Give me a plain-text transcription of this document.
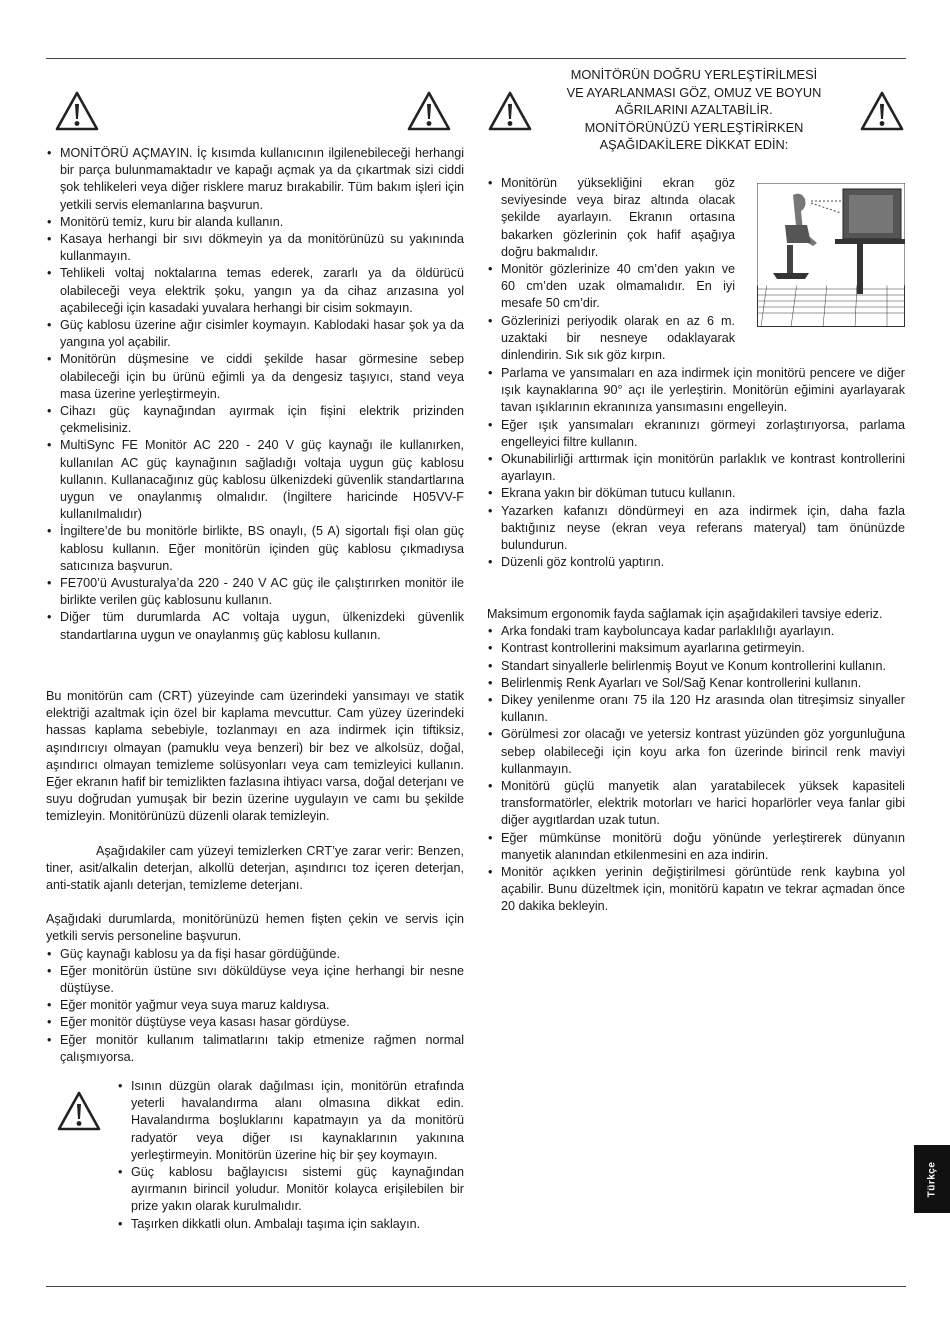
MONİTÖRÜN DOĞRU YERLEŞTİRİLMESİ
VE AYARLANMASI GÖZ, OMUZ VE BOYUN
AĞRILARINI AZALTABİLİR.
MONİTÖRÜNÜZÜ YERLEŞTİRİRKEN
AŞAĞIDAKİLERE DİKKAT EDİN:
• MONİTÖRÜ AÇMAYIN. İç kısımda kullanıcının ilgilenebileceği herhangi bir parça bulunmamaktadır ve kapağı açmak ya da çıkartmak sizi ciddi şok tehlikeleri veya diğer risklere maruz bırakabilir. Tüm bakım işleri için yetkili servis elemanlarına başvurun.
• Monitörü temiz, kuru bir alanda kullanın.
• Kasaya herhangi bir sıvı dökmeyin ya da monitörünüzü su yakınında kullanmayın.
• Tehlikeli voltaj noktalarına temas ederek, zararlı ya da öldürücü olabileceği veya elektrik şoku, yangın ya da cihaz arızasına yol açabileceği için kasadaki yuvalara herhangi bir cisim sokmayın.
• Güç kablosu üzerine ağır cisimler koymayın. Kablodaki hasar şok ya da yangına yol açabilir.
• Monitörün düşmesine ve ciddi şekilde hasar görmesine sebep olabileceği için bu ürünü eğimli ya da dengesiz taşıyıcı, stand veya masa üzerine yerleştirmeyin.
• Cihazı güç kaynağından ayırmak için fişini elektrik prizinden çekmelisiniz.
• MultiSync FE Monitör AC 220 - 240 V güç kaynağı ile kullanırken, kullanılan AC güç kaynağının sağladığı voltaja uygun güç kablosu kullanın. Kullanacağınız güç kablosu ülkenizdeki güvenlik standartlarına uygun ve onaylanmış olmalıdır. (İngiltere haricinde H05VV-F kullanılmalıdır)
• İngiltere’de bu monitörle birlikte, BS onaylı, (5 A) sigortalı fişi olan güç kablosu kullanın. Eğer monitörün içinden güç kablosu çıkmadıysa satıcınıza başvurun.
• FE700’ü Avusturalya’da 220 - 240 V AC güç ile çalıştırırken monitör ile birlikte verilen güç kablosunu kullanın.
• Diğer tüm durumlarda AC voltaja uygun, ülkenizdeki güvenlik standartlarına uygun ve onaylanmış güç kablosu kullanın.

Bu monitörün cam (CRT) yüzeyinde cam üzerindeki yansımayı ve statik elektriği azaltmak için özel bir kaplama mevcuttur. Cam yüzey üzerindeki hassas kaplama sebebiyle, tozlanmayı en aza indirmek için tiftiksiz, aşındırıcıyı olmayan (pamuklu veya benzeri) bir bez ve alkolsüz, doğal, aşındırıcı olmayan temizleme solüsyonları veya cam temizleyici kullanın. Eğer ekranın hafif bir temizlikten fazlasına ihtiyacı varsa, doğal deterjanı ve suyu doğrudan yumuşak bir bezin üzerine uygulayın ve camı bu şekilde temizleyin. Monitörünüzü düzenli olarak temizleyin.

Aşağıdakiler cam yüzeyi temizlerken CRT’ye zarar verir: Benzen, tiner, asit/alkalin deterjan, alkollü deterjan, aşındırıcı toz içeren deterjan, anti-statik ajanlı deterjan, temizleme deterjanı.

Aşağıdaki durumlarda, monitörünüzü hemen fişten çekin ve servis için yetkili servis personeline başvurun.

• Güç kaynağı kablosu ya da fişi hasar gördüğünde.
• Eğer monitörün üstüne sıvı döküldüyse veya içine herhangi bir nesne düştüyse.
• Eğer monitör yağmur veya suya maruz kaldıysa.
• Eğer monitör düştüyse veya kasası hasar gördüyse.
• Eğer monitör kullanım talimatlarını takip etmenize rağmen normal çalışmıyorsa.
• Isının düzgün olarak dağılması için, monitörün etrafında yeterli havalandırma alanı olmasına dikkat edin. Havalandırma boşluklarını kapatmayın ya da monitörü radyatör veya diğer ısı kaynaklarının yakınına yerleştirmeyin. Monitörün üzerine hiç bir şey koymayın.
• Güç kablosu bağlayıcısı sistemi güç kaynağından ayırmanın birincil yoludur. Monitör kolayca erişilebilen bir prize yakın olarak kurulmalıdır.
• Taşırken dikkatli olun. Ambalajı taşıma için saklayın.
• Monitörün yüksekliğini ekran göz seviyesinde veya biraz altında olacak şekilde ayarlayın. Ekranın ortasına bakarken gözlerinin çok hafif aşağıya doğru bakmalıdır.
• Monitör gözlerinize 40 cm’den yakın ve 60 cm’den uzak olmamalıdır. En iyi mesafe 50 cm’dir.
• Gözlerinizi periyodik olarak en az 6 m. uzaktaki bir nesneye odaklayarak dinlendirin. Sık sık göz kırpın.
• Parlama ve yansımaları en aza indirmek için monitörü pencere ve diğer ışık kaynaklarına 90° açı ile yerleştirin. Monitörün eğimini ayarlayarak tavan ışıklarının ekranınıza yansımasını engelleyin.
• Eğer ışık yansımaları ekranınızı görmeyi zorlaştırıyorsa, parlama engelleyici filtre kullanın.
• Okunabilirliği arttırmak için monitörün parlaklık ve kontrast kontrollerini ayarlayın.
• Ekrana yakın bir döküman tutucu kullanın.
• Yazarken kafanızı döndürmeyi en aza indirmek için, daha fazla baktığınız neyse (ekran veya referans materyal) tam önünüzde bulundurun.
• Düzenli göz kontrolü yaptırın.

Maksimum ergonomik fayda sağlamak için aşağıdakileri tavsiye ederiz.

• Arka fondaki tram kayboluncaya kadar parlaklılığı ayarlayın.
• Kontrast kontrollerini maksimum ayarlarına getirmeyin.
• Standart sinyallerle belirlenmiş Boyut ve Konum kontrollerini kullanın.
• Belirlenmiş Renk Ayarları ve Sol/Sağ Kenar kontrollerini kullanın.
• Dikey yenilenme oranı 75 ila 120 Hz arasında olan titreşimsiz sinyaller kullanın.
• Görülmesi zor olacağı ve yetersiz kontrast yüzünden göz yorgunluğuna sebep olabileceği için koyu arka fon üzerinde birincil renk maviyi kullanmayın.
• Monitörü güçlü manyetik alan yaratabilecek yüksek kapasiteli transformatörler, elektrik motorları ve harici hoparlörler veya fanlar gibi diğer aygıtlardan uzak tutun.
• Eğer mümkünse monitörü doğu yönünde yerleştirerek dünyanın manyetik alanından etkilenmesini en aza indirin.
• Monitör açıkken yerinin değiştirilmesi görüntüde renk kaybına yol açabilir. Bunu düzeltmek için, monitörü kapatın ve tekrar açmadan önce 20 dakika bekleyin.
Türkçe
